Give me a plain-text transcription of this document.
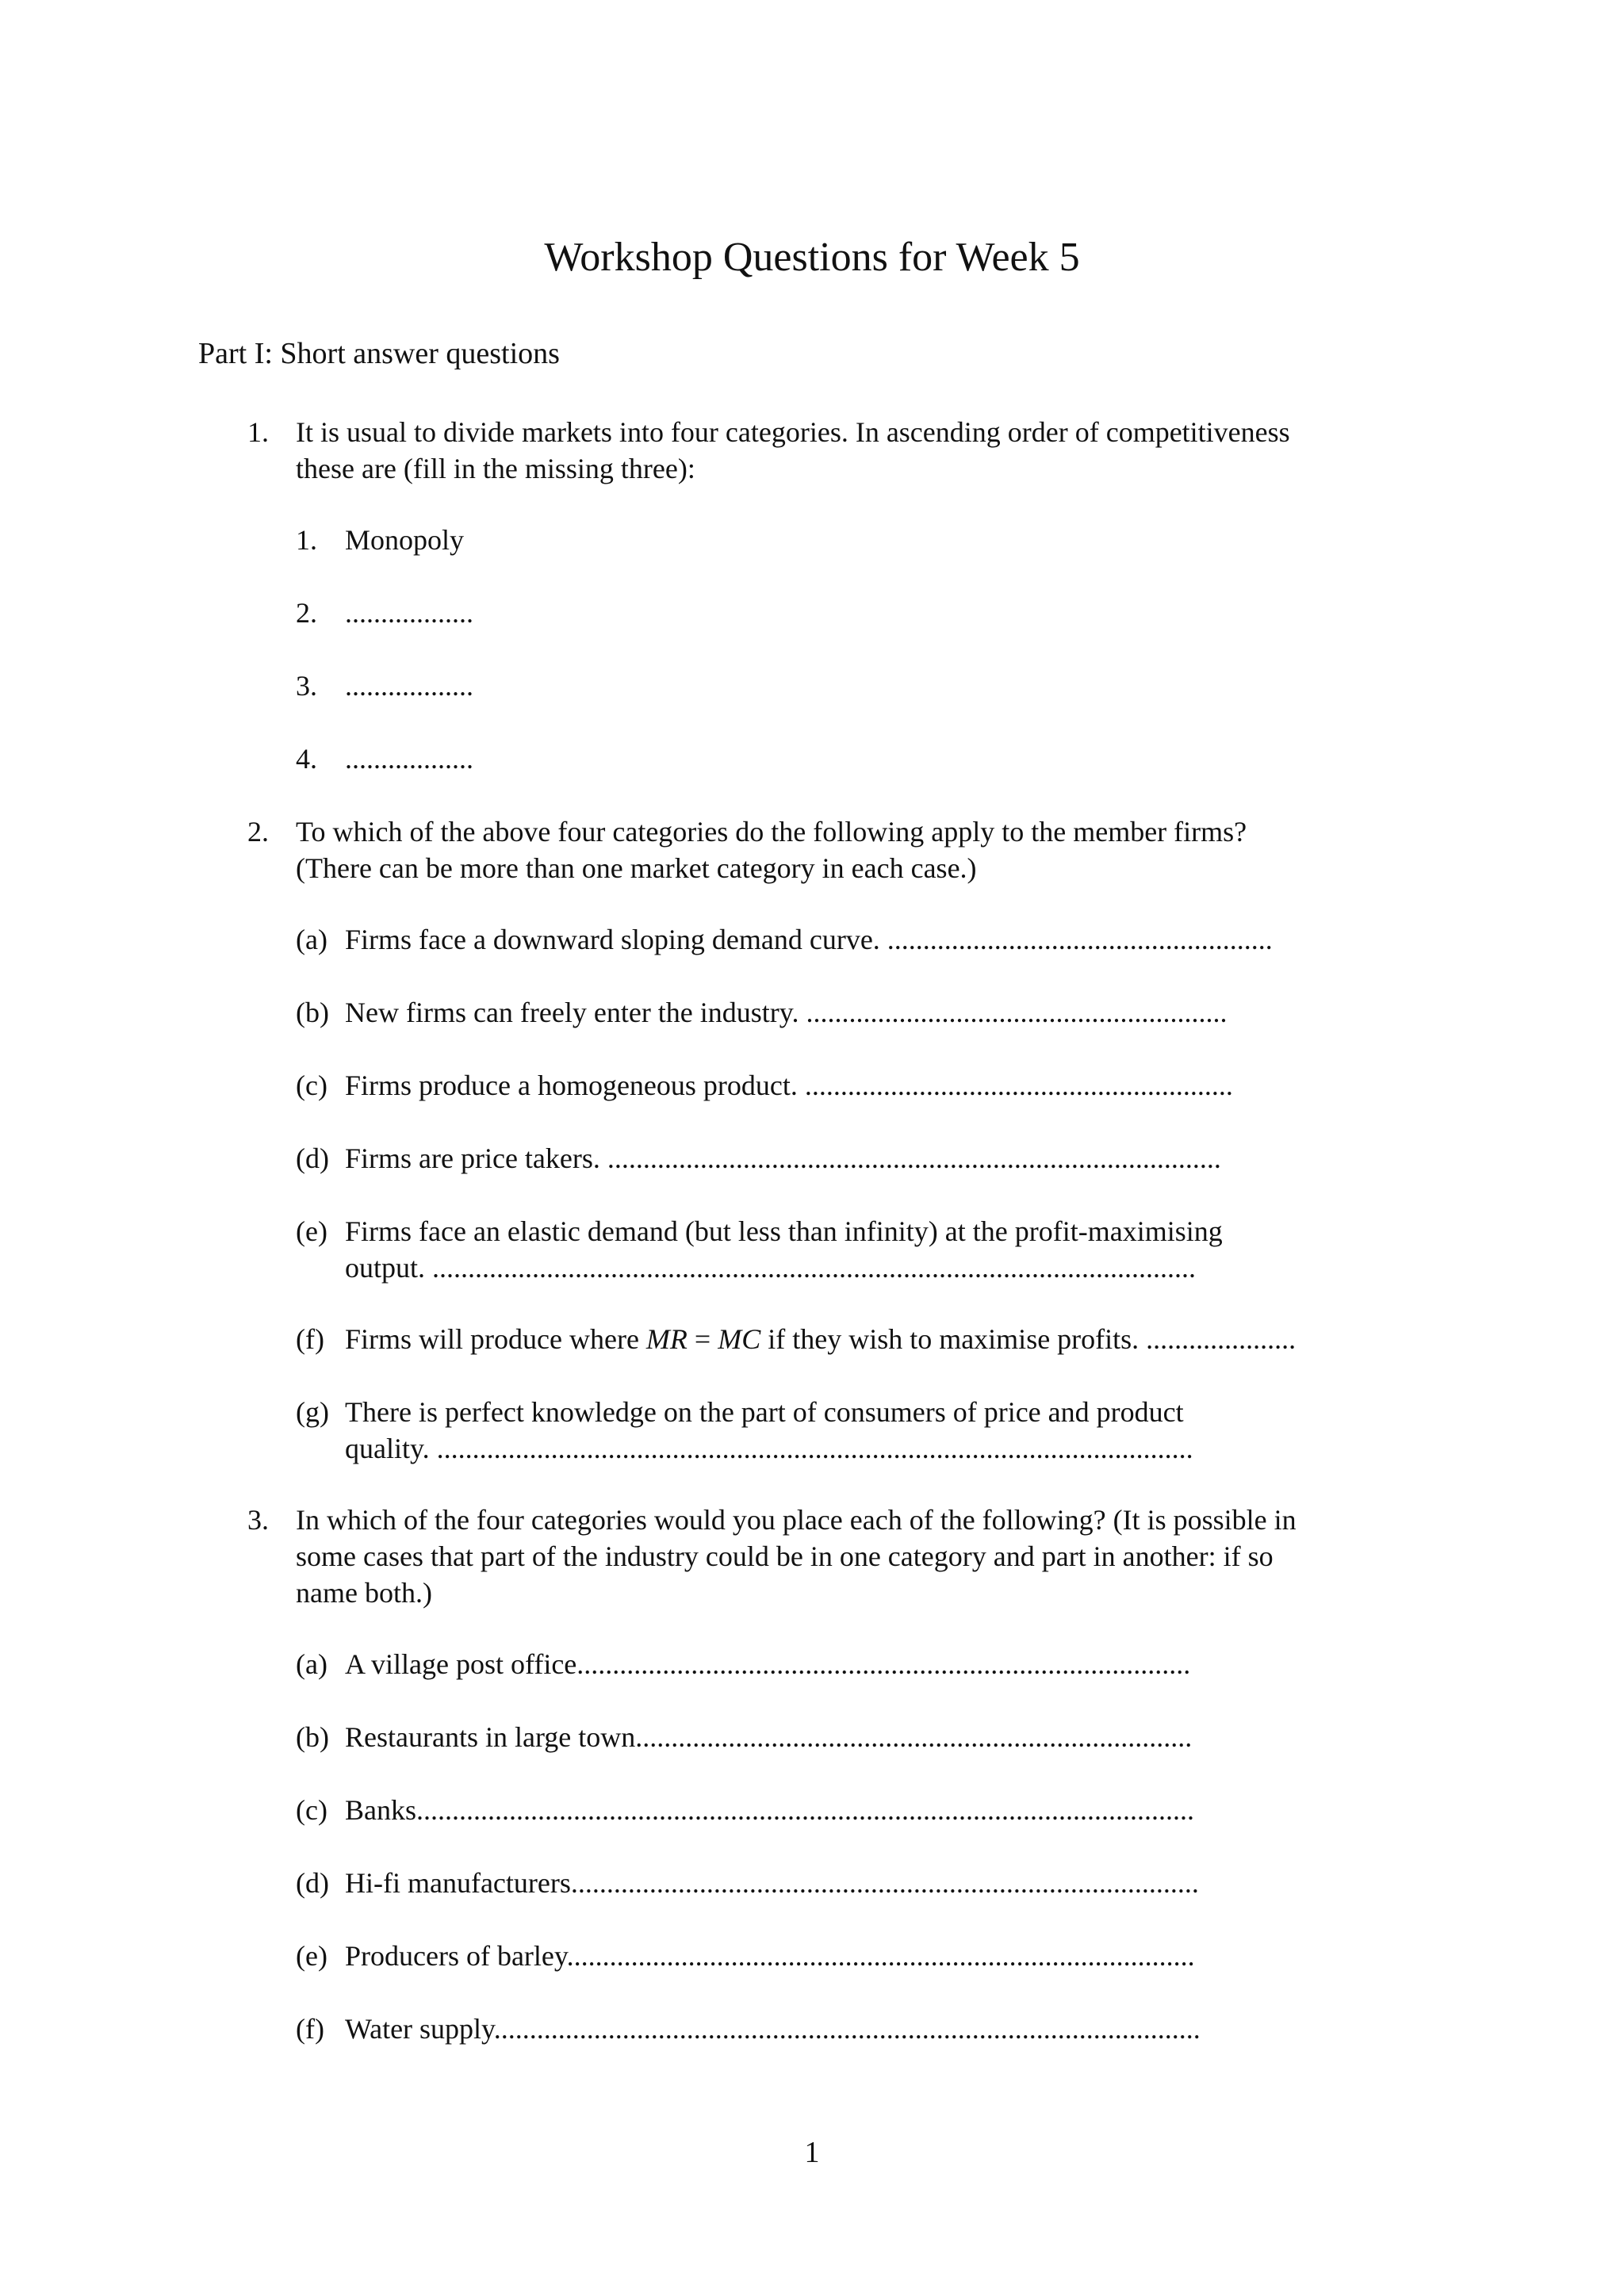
Workshop Questions for Week 5
Part I: Short answer questions
1. It is usual to divide markets into four categories. In ascending order of competitiveness
these are (fill in the missing three):
1. Monopoly
2. ..................
3. ..................
4. ..................
2. To which of the above four categories do the following apply to the member firms?
(There can be more than one market category in each case.)
(a) Firms face a downward sloping demand curve. ......................................................
(b) New firms can freely enter the industry. ...........................................................
(c) Firms produce a homogeneous product. ............................................................
(d) Firms are price takers. ......................................................................................
(e) Firms face an elastic demand (but less than infinity) at the profit-maximising
output. ...........................................................................................................
(f) Firms will produce where MR = MC if they wish to maximise profits. .....................
(g) There is perfect knowledge on the part of consumers of price and product
quality. ..........................................................................................................
3. In which of the four categories would you place each of the following? (It is possible in
some cases that part of the industry could be in one category and part in another: if so
name both.)
(a) A village post office......................................................................................
(b) Restaurants in large town..............................................................................
(c) Banks.............................................................................................................
(d) Hi-fi manufacturers........................................................................................
(e) Producers of barley........................................................................................
(f) Water supply...................................................................................................
1
